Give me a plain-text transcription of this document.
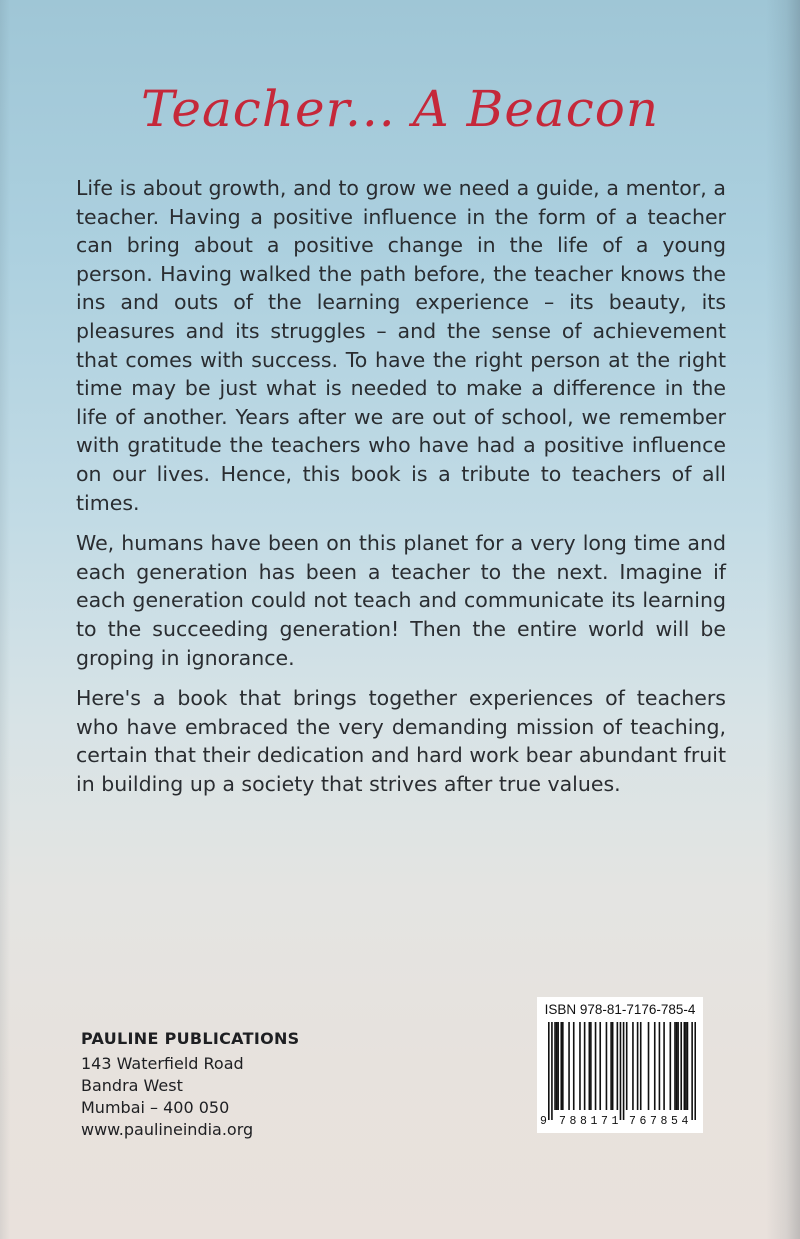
Teacher... A Beacon

Life is about growth, and to grow we need a guide, a mentor, a teacher. Having a positive influence in the form of a teacher can bring about a positive change in the life of a young person. Having walked the path before, the teacher knows the ins and outs of the learning experience – its beauty, its pleasures and its struggles – and the sense of achievement that comes with success. To have the right person at the right time may be just what is needed to make a difference in the life of another. Years after we are out of school, we remember with gratitude the teachers who have had a positive influence on our lives. Hence, this book is a tribute to teachers of all times.

We, humans have been on this planet for a very long time and each generation has been a teacher to the next. Imagine if each generation could not teach and communicate its learning to the succeeding generation! Then the entire world will be groping in ignorance.

Here's a book that brings together experiences of teachers who have embraced the very demanding mission of teaching, certain that their dedication and hard work bear abundant fruit in building up a society that strives after true values.

PAULINE PUBLICATIONS
143 Waterfield Road
Bandra West
Mumbai – 400 050
www.paulineindia.org
ISBN 978-81-7176-785-4
9 788171 767854
